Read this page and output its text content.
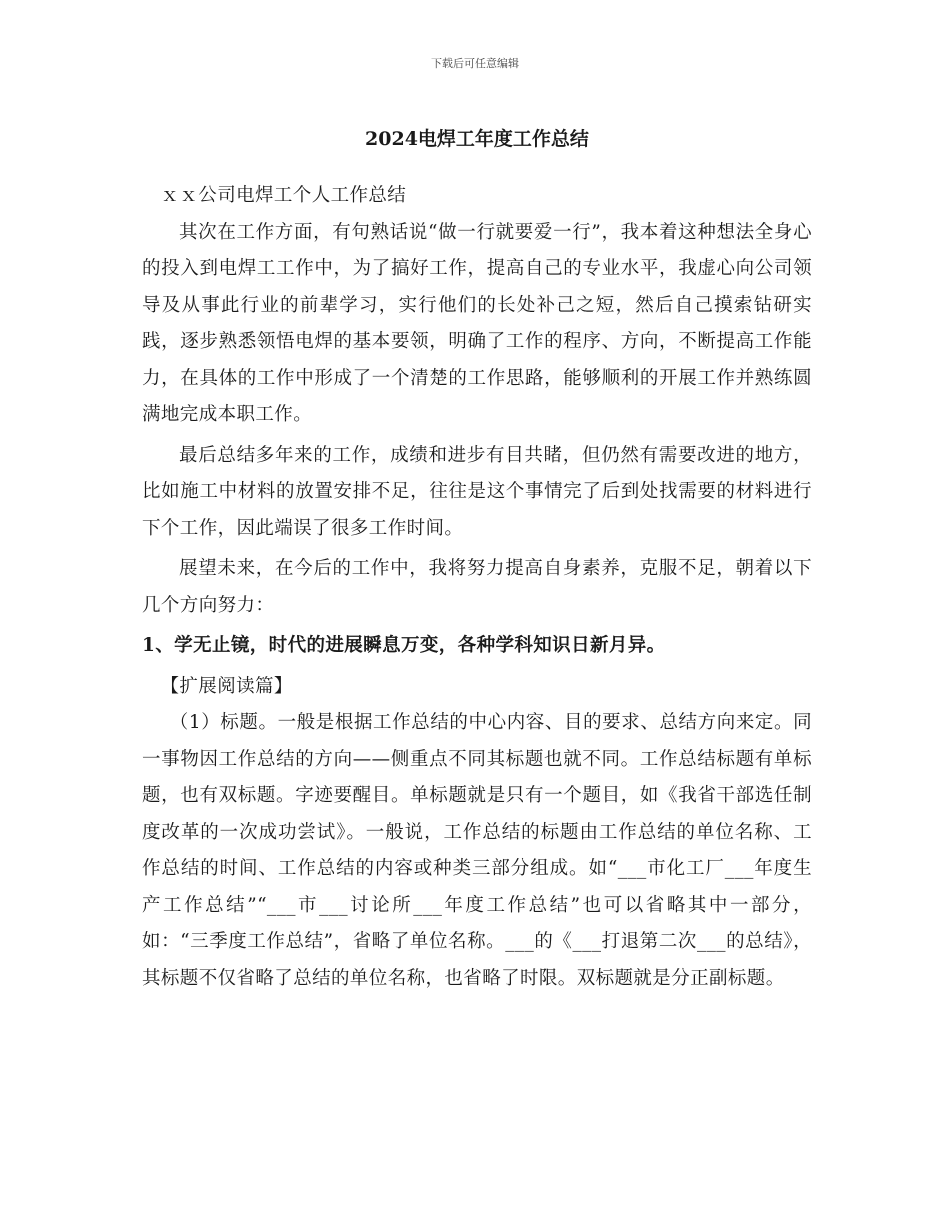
下载后可任意编辑
2024电焊工年度工作总结

ｘｘ公司电焊工个人工作总结

其次在工作方面，有句熟话说“做一行就要爱一行”，我本着这种想法全身心的投入到电焊工工作中，为了搞好工作，提高自己的专业水平，我虚心向公司领导及从事此行业的前辈学习，实行他们的长处补己之短，然后自己摸索钻研实践，逐步熟悉领悟电焊的基本要领，明确了工作的程序、方向，不断提高工作能力，在具体的工作中形成了一个清楚的工作思路，能够顺利的开展工作并熟练圆满地完成本职工作。

最后总结多年来的工作，成绩和进步有目共睹，但仍然有需要改进的地方，比如施工中材料的放置安排不足，往往是这个事情完了后到处找需要的材料进行下个工作，因此端误了很多工作时间。

展望未来，在今后的工作中，我将努力提高自身素养，克服不足，朝着以下几个方向努力：

1、学无止镜，时代的进展瞬息万变，各种学科知识日新月异。

【扩展阅读篇】

（1）标题。一般是根据工作总结的中心内容、目的要求、总结方向来定。同一事物因工作总结的方向——侧重点不同其标题也就不同。工作总结标题有单标题，也有双标题。字迹要醒目。单标题就是只有一个题目，如《我省干部选任制度改革的一次成功尝试》。一般说，工作总结的标题由工作总结的单位名称、工作总结的时间、工作总结的内容或种类三部分组成。如“___市化工厂___年度生产工作总结”“___市___讨论所___年度工作总结”也可以省略其中一部分，如：“三季度工作总结”，省略了单位名称。___的《___打退第二次___的总结》，其标题不仅省略了总结的单位名称，也省略了时限。双标题就是分正副标题。
